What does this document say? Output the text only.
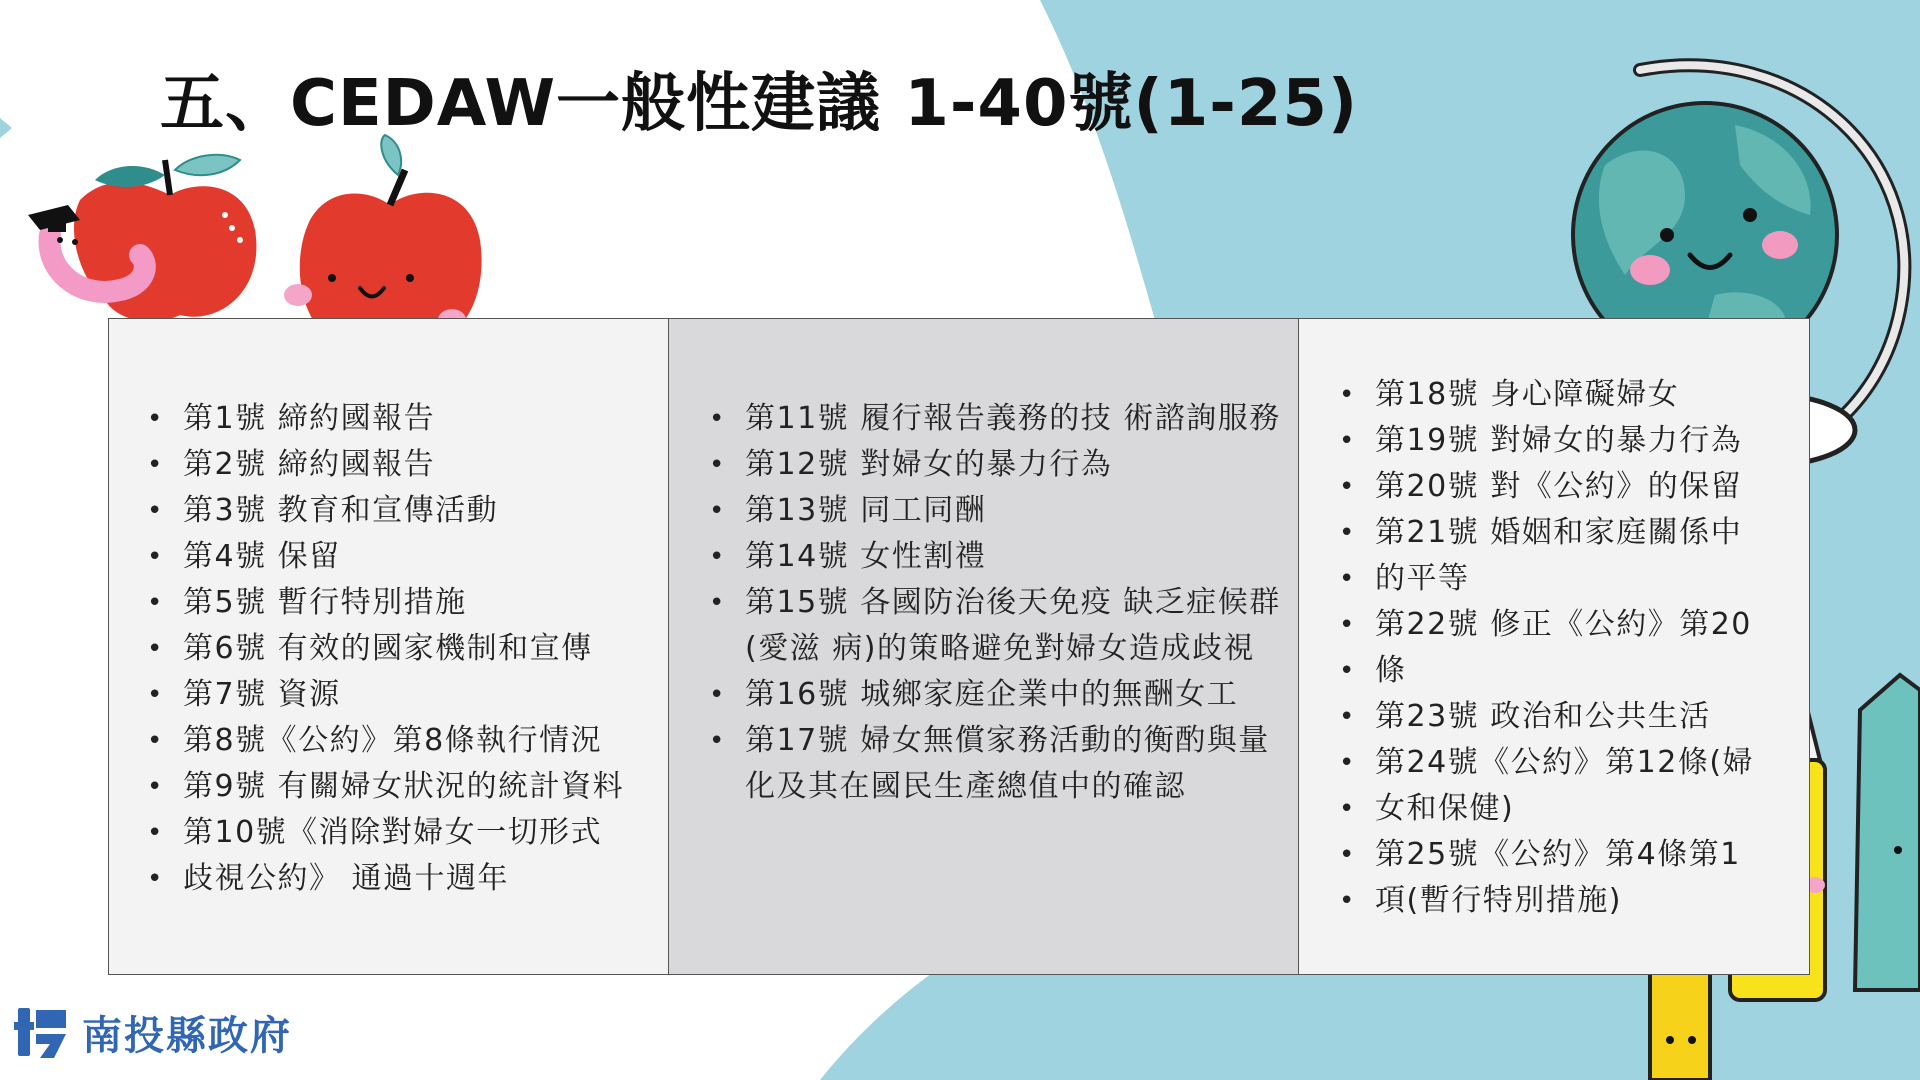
五、CEDAW一般性建議 1-40號(1-25)
• 第1號 締約國報告
• 第2號 締約國報告
• 第3號 教育和宣傳活動
• 第4號 保留
• 第5號 暫行特別措施
• 第6號 有效的國家機制和宣傳
• 第7號 資源
• 第8號《公約》第8條執行情況
• 第9號 有關婦女狀況的統計資料
• 第10號《消除對婦女一切形式
• 歧視公約》 通過十週年
• 第11號 履行報告義務的技 術諮詢服務
• 第12號 對婦女的暴力行為
• 第13號 同工同酬
• 第14號 女性割禮
• 第15號 各國防治後天免疫 缺乏症候群(愛滋 病)的策略避免對婦女造成歧視
• 第16號 城鄉家庭企業中的無酬女工
• 第17號 婦女無償家務活動的衡酌與量化及其在國民生產總值中的確認
• 第18號 身心障礙婦女
• 第19號 對婦女的暴力行為
• 第20號 對《公約》的保留
• 第21號 婚姻和家庭關係中
• 的平等
• 第22號 修正《公約》第20
• 條
• 第23號 政治和公共生活
• 第24號《公約》第12條(婦
• 女和保健)
• 第25號《公約》第4條第1
• 項(暫行特別措施)
南投縣政府
